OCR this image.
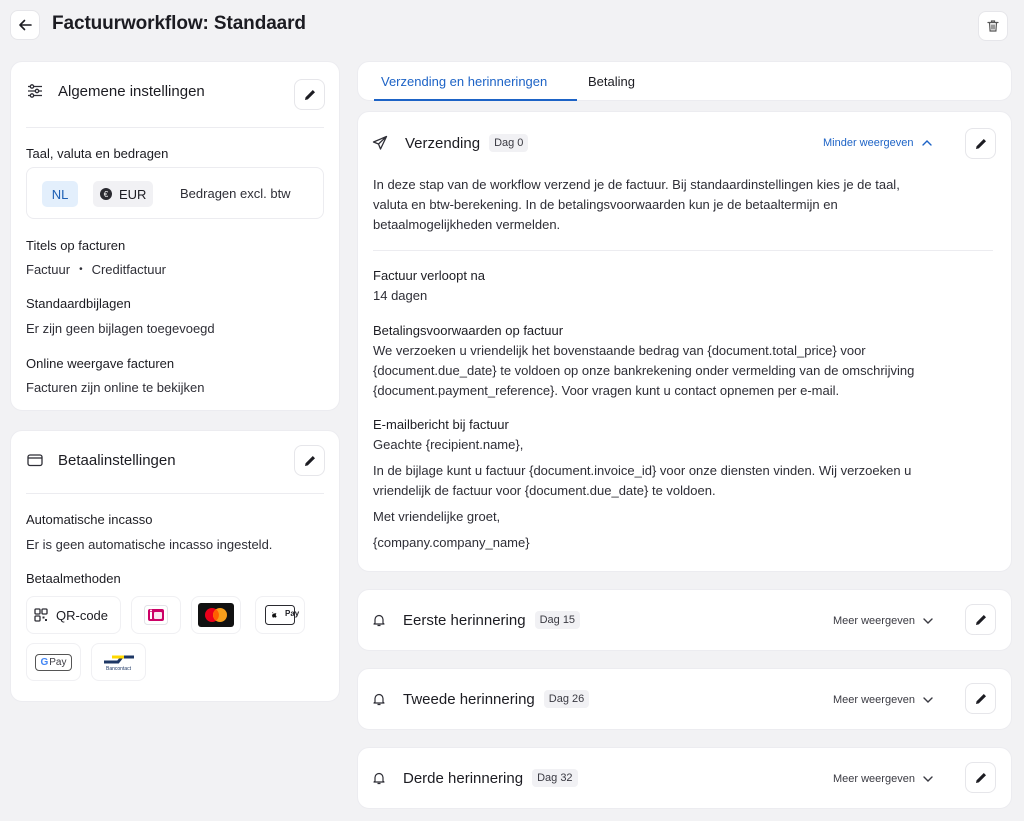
Factuurworkflow: Standaard
Algemene instellingen
Taal, valuta en bedragen
NL	€ EUR	Bedragen excl. btw
Titels op facturen
Factuur • Creditfactuur
Standaardbijlagen
Er zijn geen bijlagen toegevoegd
Online weergave facturen
Facturen zijn online te bekijken
Betaalinstellingen
Automatische incasso
Er is geen automatische incasso ingesteld.
Betaalmethoden
QR-code	Pay
G Pay
Bancontact
Verzending en herinneringen	Betaling
Verzending	Dag 0	Minder weergeven
In deze stap van de workflow verzend je de factuur. Bij standaardinstellingen kies je de taal,
valuta en btw-berekening. In de betalingsvoorwaarden kun je de betaaltermijn en
betaalmogelijkheden vermelden.
Factuur verloopt na
14 dagen
Betalingsvoorwaarden op factuur
We verzoeken u vriendelijk het bovenstaande bedrag van {document.total_price} voor
{document.due_date} te voldoen op onze bankrekening onder vermelding van de omschrijving
{document.payment_reference}. Voor vragen kunt u contact opnemen per e-mail.
E-mailbericht bij factuur
Geachte {recipient.name},
In de bijlage kunt u factuur {document.invoice_id} voor onze diensten vinden. Wij verzoeken u
vriendelijk de factuur voor {document.due_date} te voldoen.
Met vriendelijke groet,
{company.company_name}
Eerste herinnering	Dag 15	Meer weergeven
Tweede herinnering	Dag 26	Meer weergeven
Derde herinnering	Dag 32	Meer weergeven
